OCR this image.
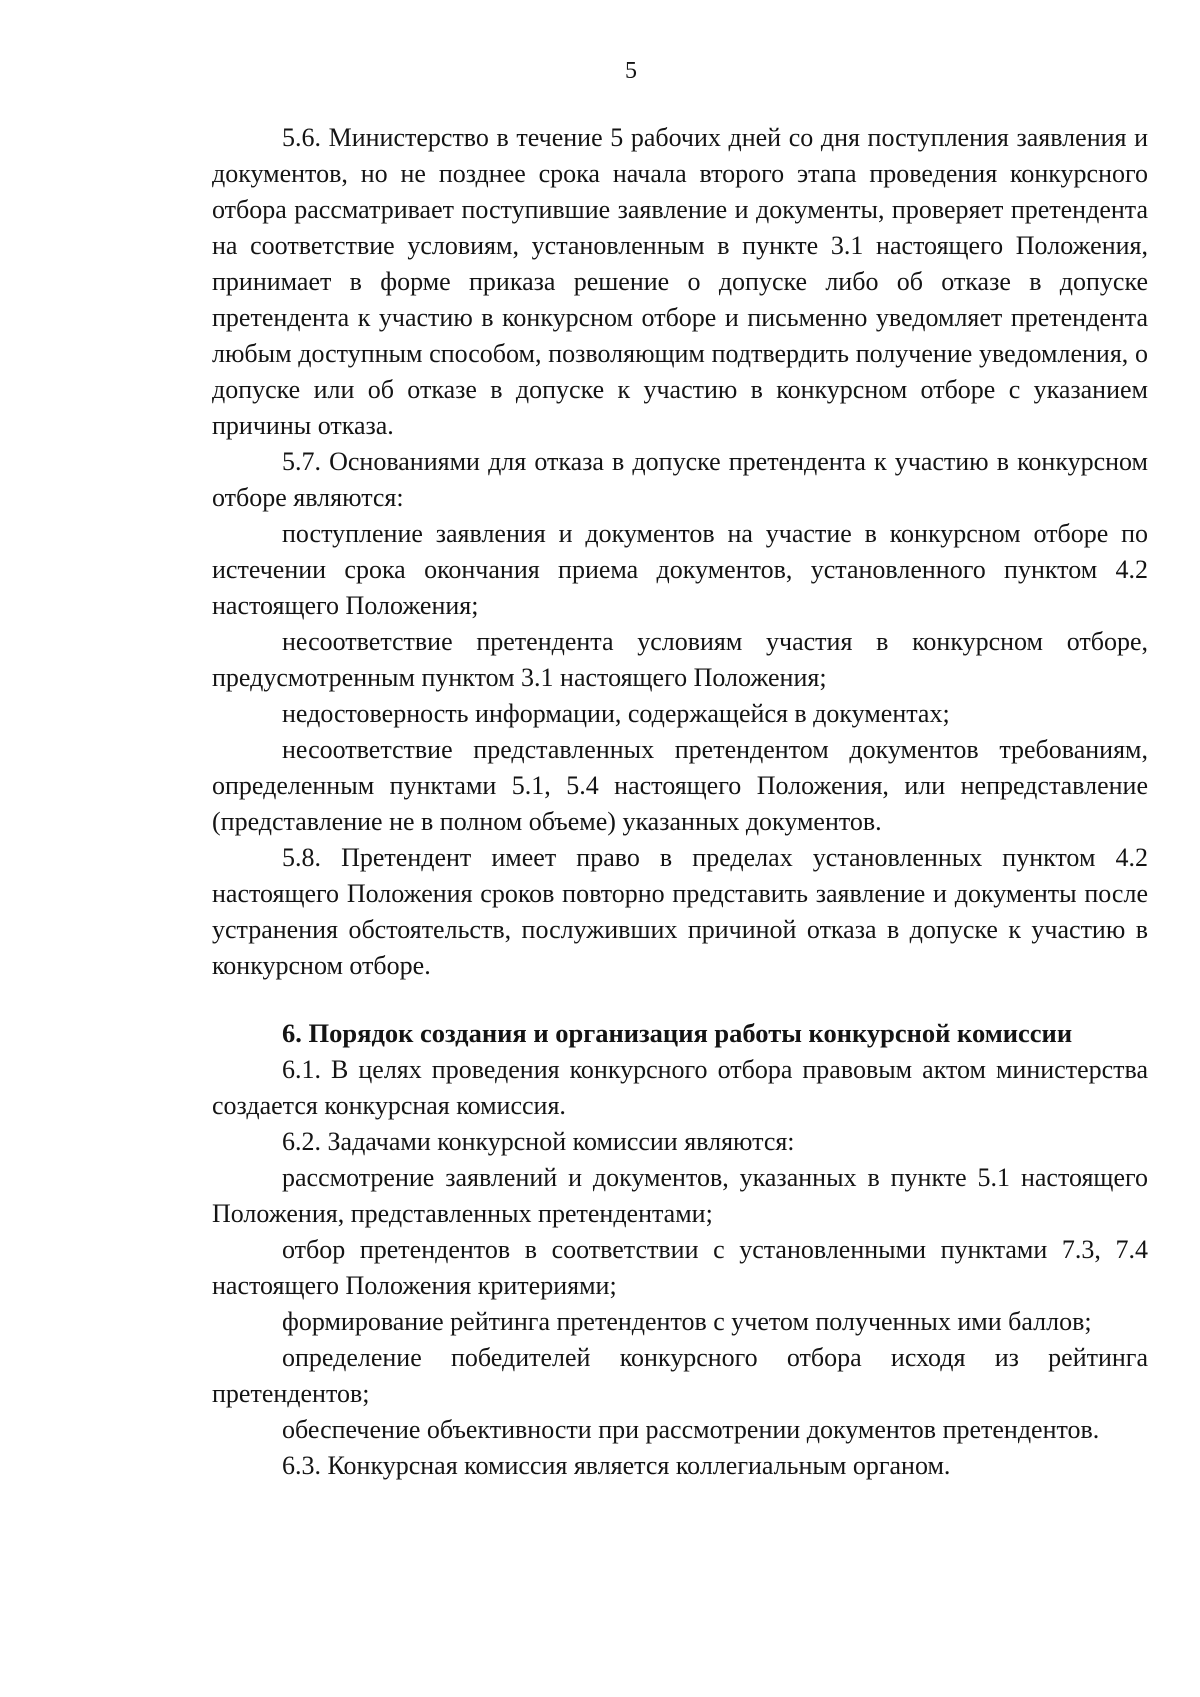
5

5.6. Министерство в течение 5 рабочих дней со дня поступления заявления и документов, но не позднее срока начала второго этапа проведения конкурсного отбора рассматривает поступившие заявление и документы, проверяет претендента на соответствие условиям, установленным в пункте 3.1 настоящего Положения, принимает в форме приказа решение о допуске либо об отказе в допуске претендента к участию в конкурсном отборе и письменно уведомляет претендента любым доступным способом, позволяющим подтвердить получение уведомления, о допуске или об отказе в допуске к участию в конкурсном отборе с указанием причины отказа.

5.7. Основаниями для отказа в допуске претендента к участию в конкурсном отборе являются:

поступление заявления и документов на участие в конкурсном отборе по истечении срока окончания приема документов, установленного пунктом 4.2 настоящего Положения;

несоответствие претендента условиям участия в конкурсном отборе, предусмотренным пунктом 3.1 настоящего Положения;

недостоверность информации, содержащейся в документах;

несоответствие представленных претендентом документов требованиям, определенным пунктами 5.1, 5.4 настоящего Положения, или непредставление (представление не в полном объеме) указанных документов.

5.8. Претендент имеет право в пределах установленных пунктом 4.2 настоящего Положения сроков повторно представить заявление и документы после устранения обстоятельств, послуживших причиной отказа в допуске к участию в конкурсном отборе.

6. Порядок создания и организация работы конкурсной комиссии

6.1. В целях проведения конкурсного отбора правовым актом министерства создается конкурсная комиссия.

6.2. Задачами конкурсной комиссии являются:

рассмотрение заявлений и документов, указанных в пункте 5.1 настоящего Положения, представленных претендентами;

отбор претендентов в соответствии с установленными пунктами 7.3, 7.4 настоящего Положения критериями;

формирование рейтинга претендентов с учетом полученных ими баллов;

определение победителей конкурсного отбора исходя из рейтинга претендентов;

обеспечение объективности при рассмотрении документов претендентов.

6.3. Конкурсная комиссия является коллегиальным органом.
